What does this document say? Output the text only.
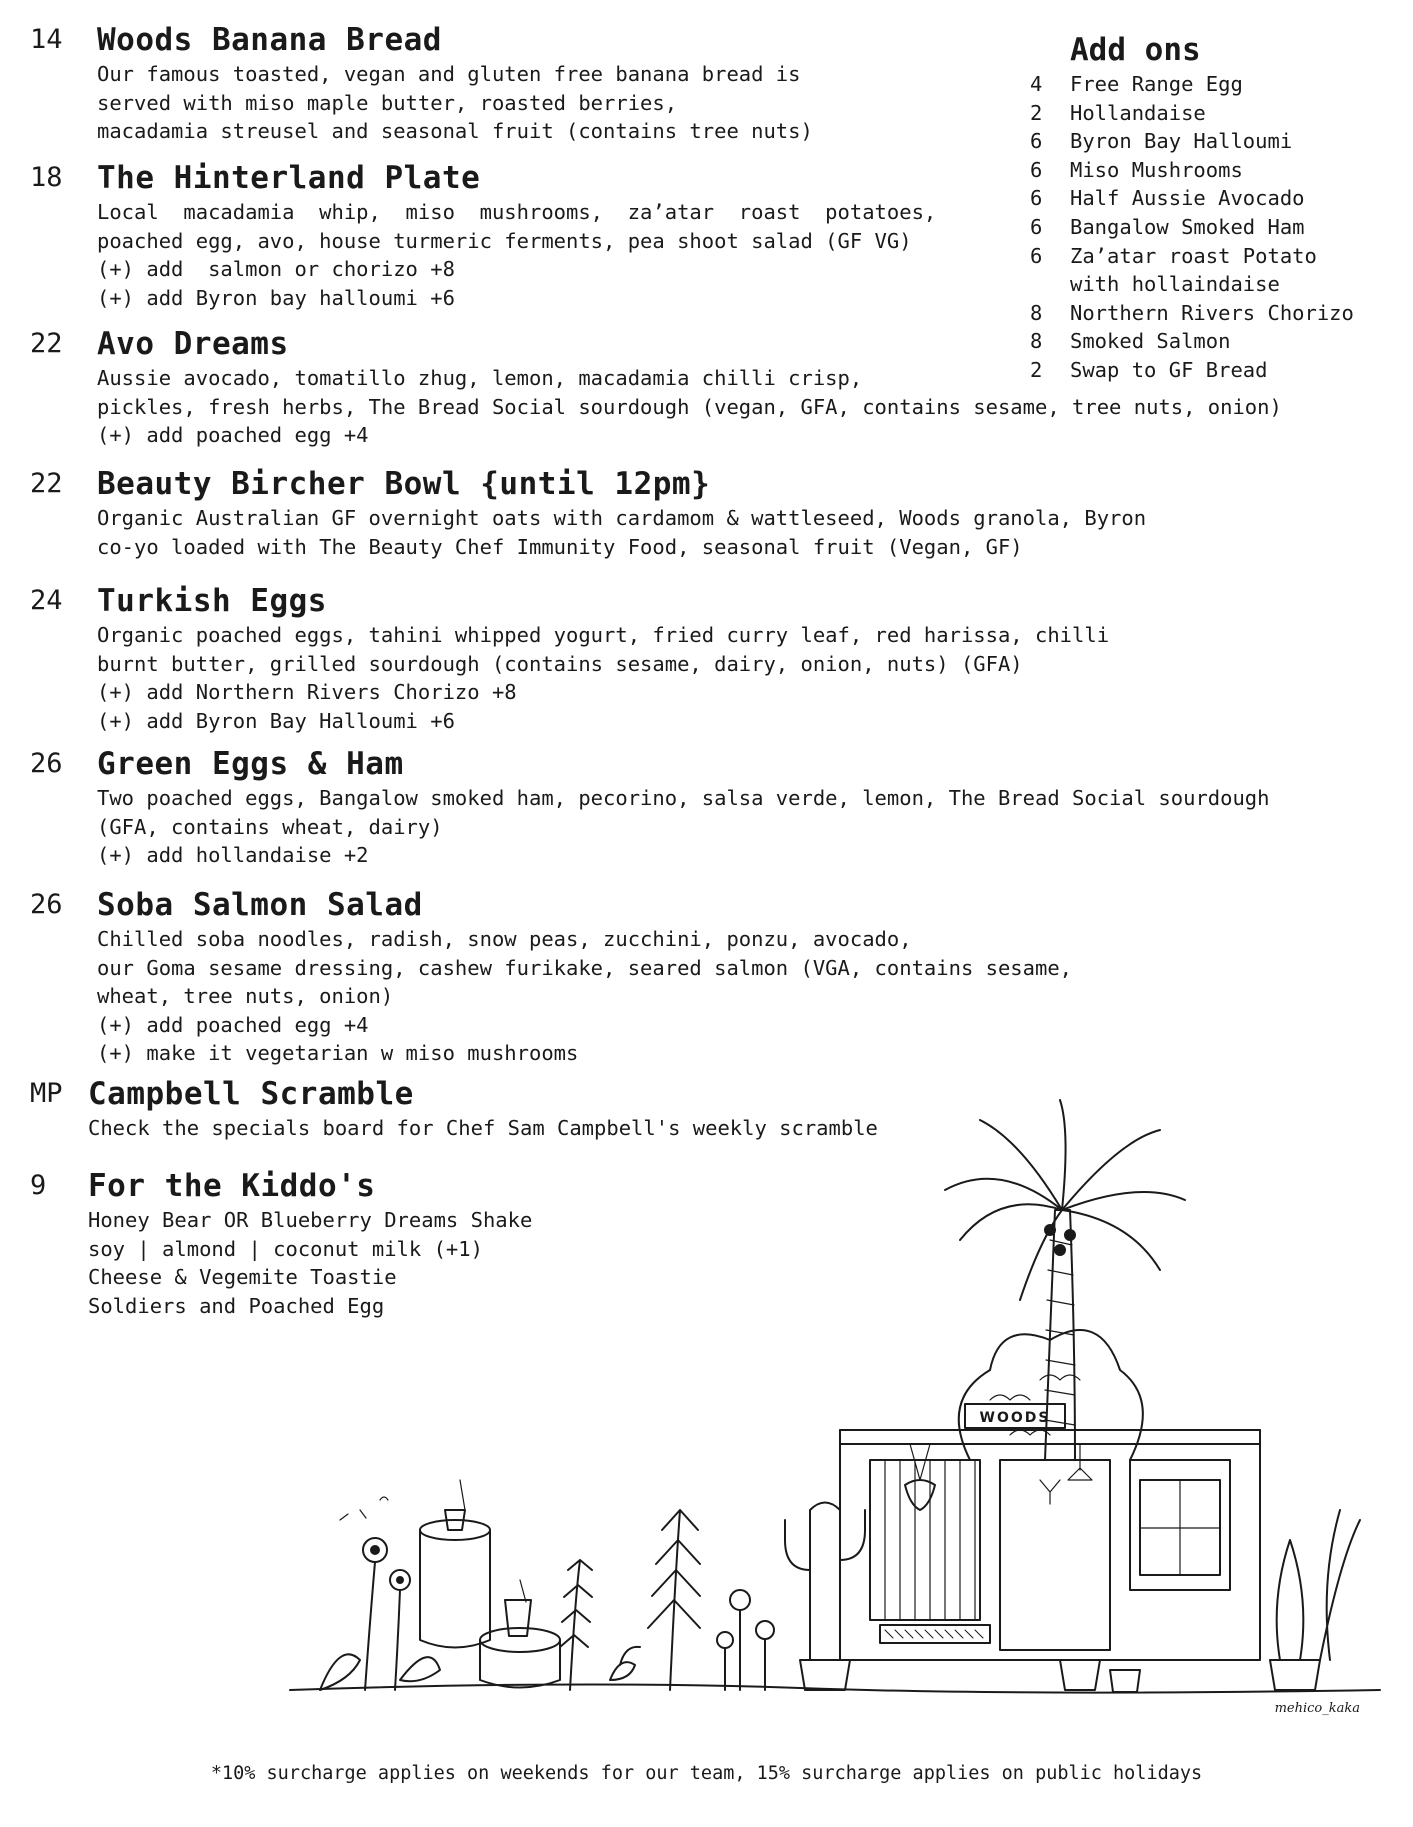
14	Woods Banana Bread
Our famous toasted, vegan and gluten free banana bread is
served with miso maple butter, roasted berries,
macadamia streusel and seasonal fruit (contains tree nuts)
18	The Hinterland Plate
Local  macadamia  whip,  miso  mushrooms,  za’atar  roast  potatoes,
poached egg, avo, house turmeric ferments, pea shoot salad (GF VG)
(+) add  salmon or chorizo +8
(+) add Byron bay halloumi +6
22	Avo Dreams
Aussie avocado, tomatillo zhug, lemon, macadamia chilli crisp,
pickles, fresh herbs, The Bread Social sourdough (vegan, GFA, contains sesame, tree nuts, onion)
(+) add poached egg +4
22	Beauty Bircher Bowl {until 12pm}
Organic Australian GF overnight oats with cardamom & wattleseed, Woods granola, Byron
co-yo loaded with The Beauty Chef Immunity Food, seasonal fruit (Vegan, GF)
24	Turkish Eggs
Organic poached eggs, tahini whipped yogurt, fried curry leaf, red harissa, chilli
burnt butter, grilled sourdough (contains sesame, dairy, onion, nuts) (GFA)
(+) add Northern Rivers Chorizo +8
(+) add Byron Bay Halloumi +6
26	Green Eggs & Ham
Two poached eggs, Bangalow smoked ham, pecorino, salsa verde, lemon, The Bread Social sourdough
(GFA, contains wheat, dairy)
(+) add hollandaise +2
26	Soba Salmon Salad
Chilled soba noodles, radish, snow peas, zucchini, ponzu, avocado,
our Goma sesame dressing, cashew furikake, seared salmon (VGA, contains sesame,
wheat, tree nuts, onion)
(+) add poached egg +4
(+) make it vegetarian w miso mushrooms
MP Campbell Scramble
Check the specials board for Chef Sam Campbell's weekly scramble
9	For the Kiddo's
Honey Bear OR Blueberry Dreams Shake
soy | almond | coconut milk (+1)
Cheese & Vegemite Toastie
Soldiers and Poached Egg
Add ons
4	Free Range Egg
2	Hollandaise
6	Byron Bay Halloumi
6	Miso Mushrooms
6	Half Aussie Avocado
6	Bangalow Smoked Ham
6	Za’atar roast Potato
with hollaindaise
8	Northern Rivers Chorizo
8	Smoked Salmon
2	Swap to GF Bread
WOODS
mehico_kaka
*10% surcharge applies on weekends for our team, 15% surcharge applies on public holidays
